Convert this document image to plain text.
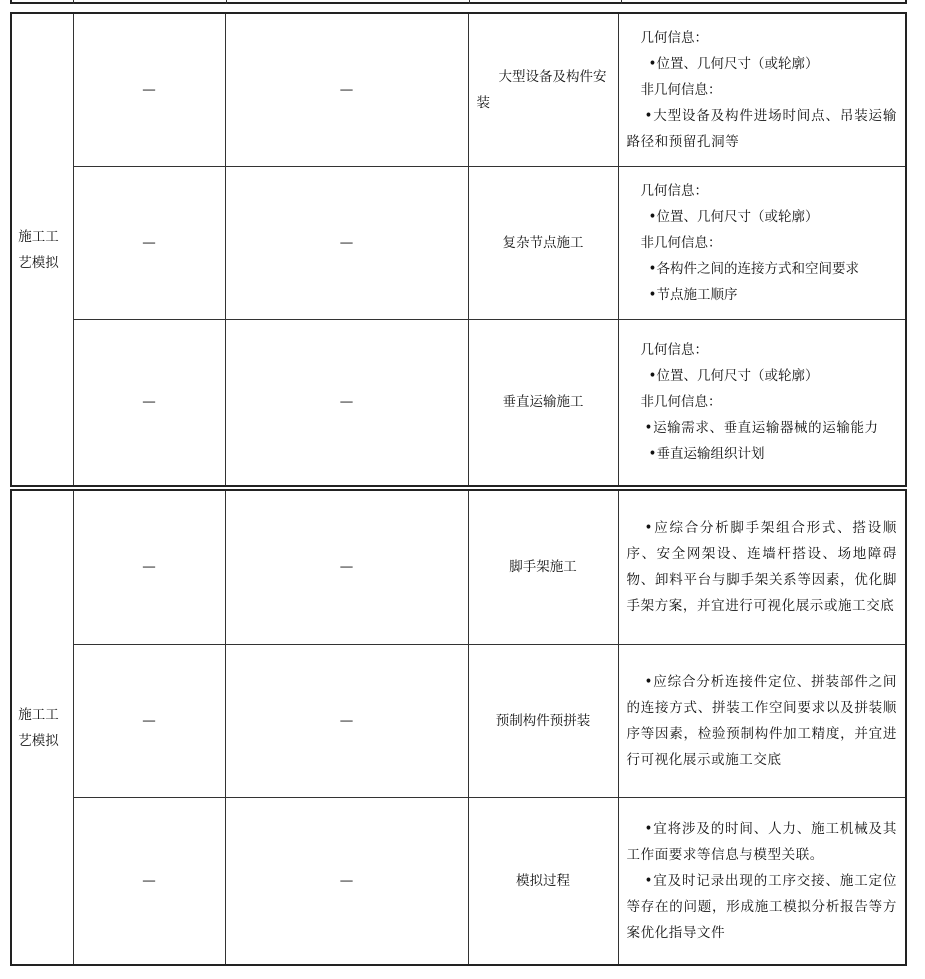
施工工艺模拟	—	—	大型设备及构件安装	几何信息：
•位置、几何尺寸（或轮廓）
非几何信息：
•大型设备及构件进场时间点、吊装运输路径和预留孔洞等

	—	—	复杂节点施工	几何信息：
•位置、几何尺寸（或轮廓）
非几何信息：
•各构件之间的连接方式和空间要求
•节点施工顺序

	—	—	垂直运输施工	几何信息：
•位置、几何尺寸（或轮廓）
非几何信息：
•运输需求、垂直运输器械的运输能力
•垂直运输组织计划
施工工艺模拟	—	—	脚手架施工	•应综合分析脚手架组合形式、搭设顺序、安全网架设、连墙杆搭设、场地障碍物、卸料平台与脚手架关系等因素，优化脚手架方案，并宜进行可视化展示或施工交底

	—	—	预制构件预拼装	•应综合分析连接件定位、拼装部件之间的连接方式、拼装工作空间要求以及拼装顺序等因素，检验预制构件加工精度，并宜进行可视化展示或施工交底

	—	—	模拟过程	•宜将涉及的时间、人力、施工机械及其工作面要求等信息与模型关联。
•宜及时记录出现的工序交接、施工定位等存在的问题，形成施工模拟分析报告等方案优化指导文件
